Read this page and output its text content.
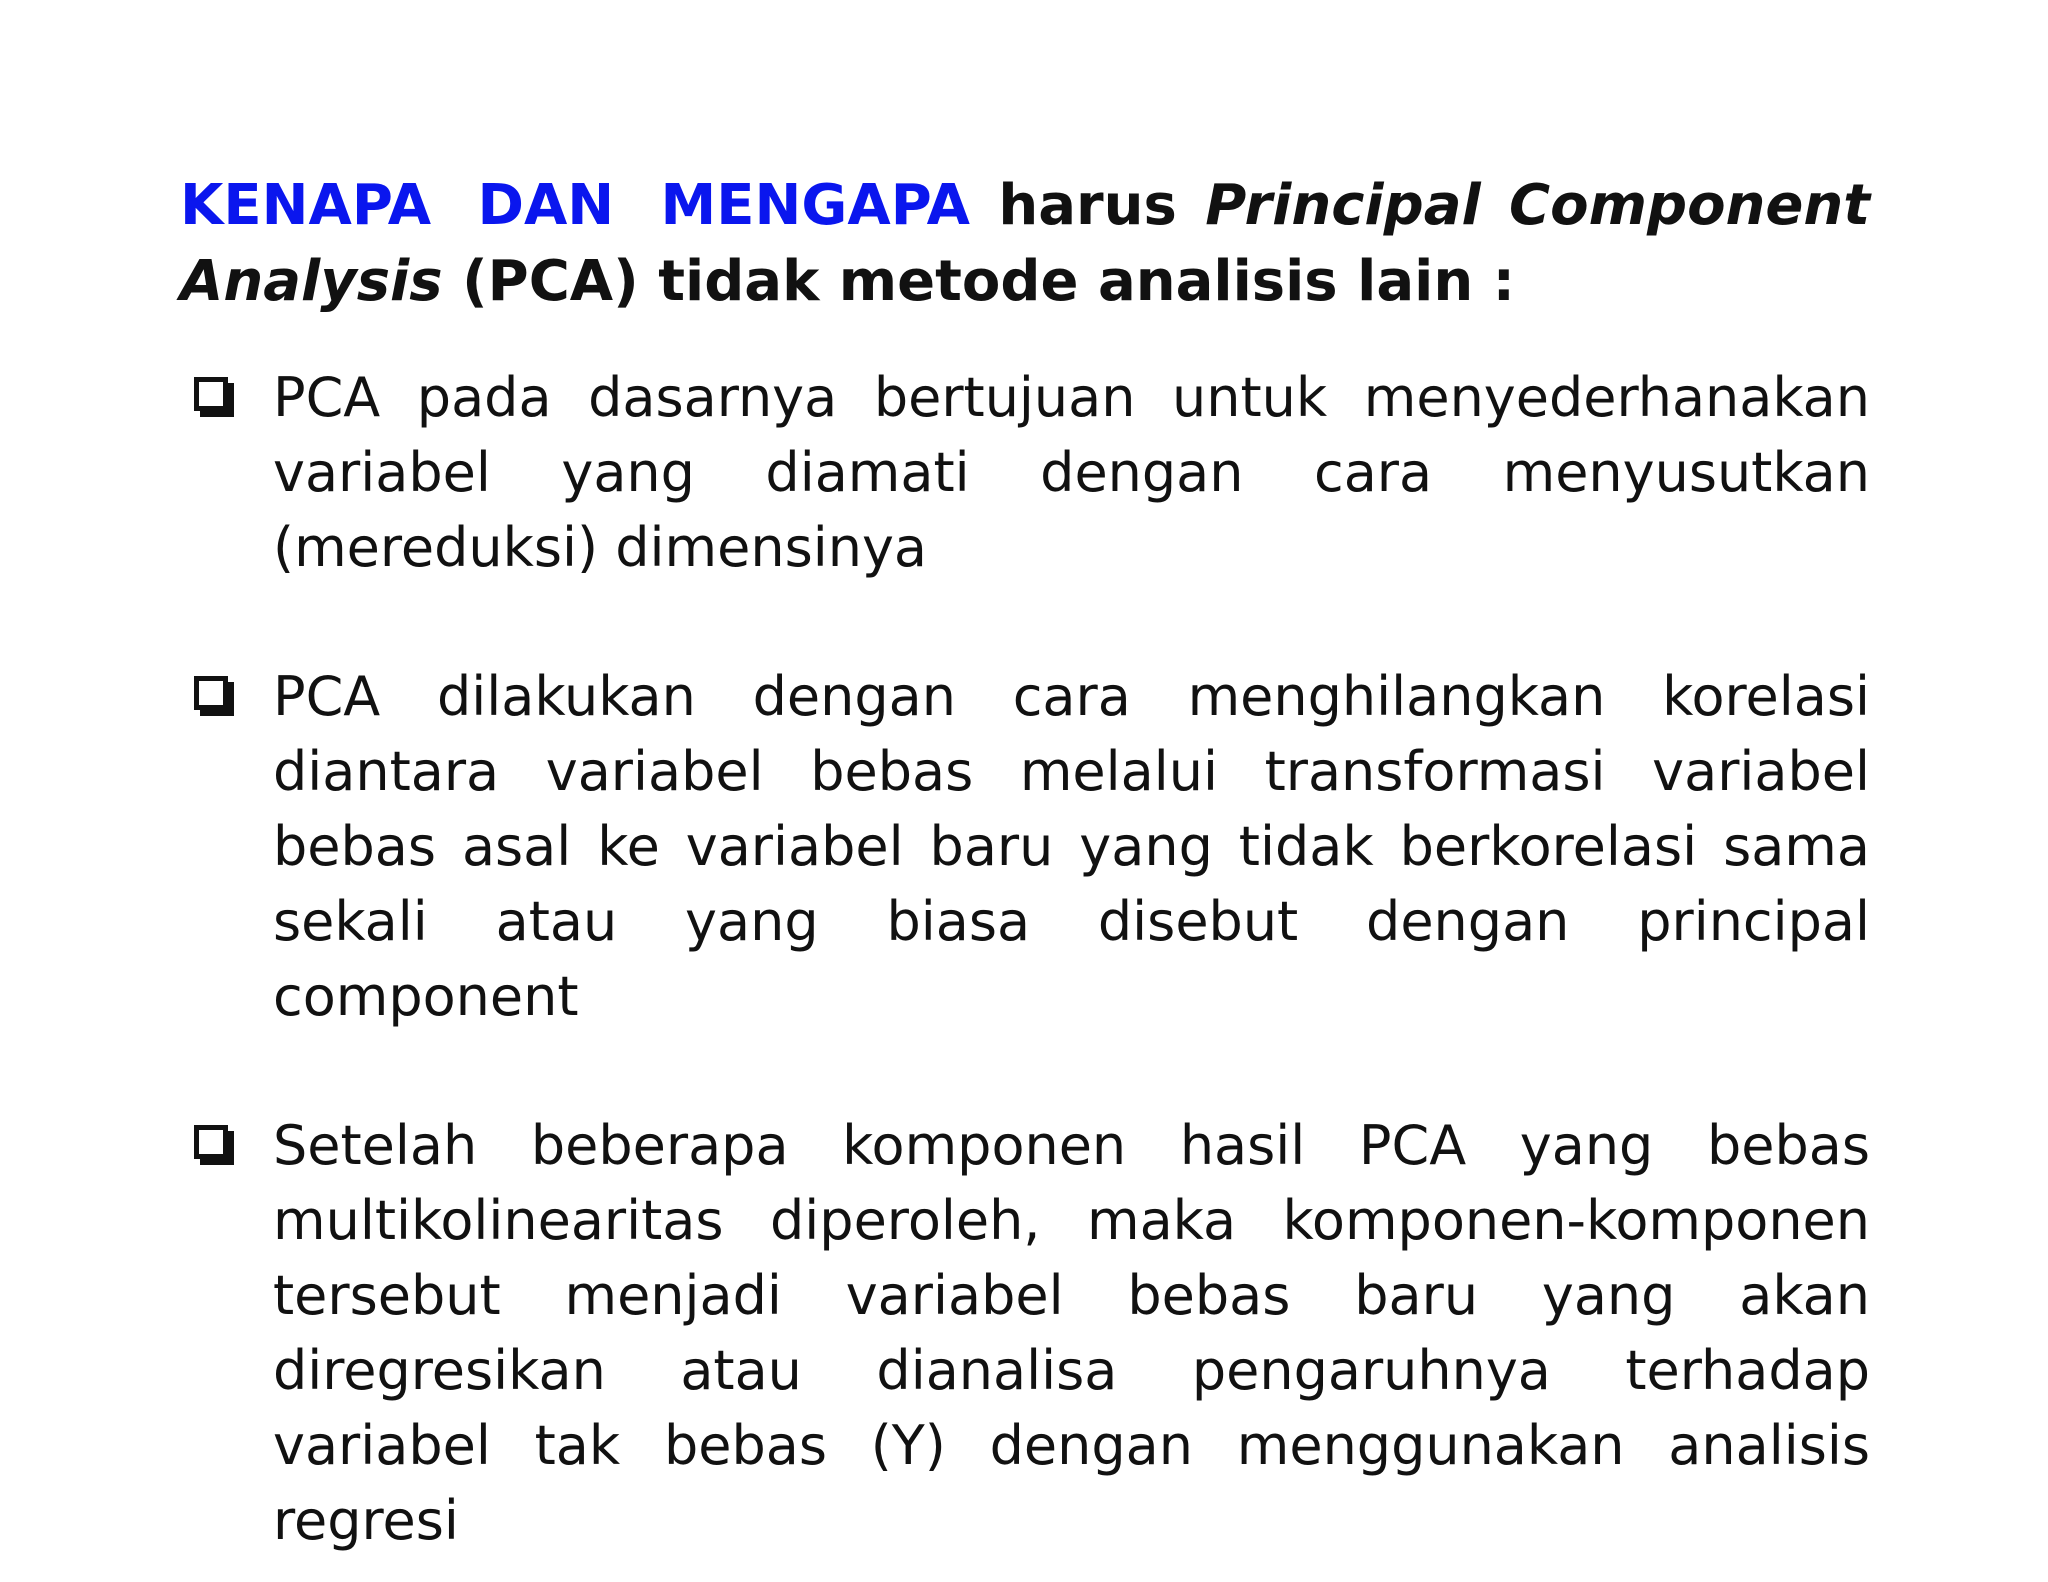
KENAPA DAN MENGAPA harus Principal Component Analysis (PCA) tidak metode analisis lain :

PCA pada dasarnya bertujuan untuk menyederhanakan variabel yang diamati dengan cara menyusutkan (mereduksi) dimensinya
PCA dilakukan dengan cara menghilangkan korelasi diantara variabel bebas melalui transformasi variabel bebas asal ke variabel baru yang tidak berkorelasi sama sekali atau yang biasa disebut dengan principal component
Setelah beberapa komponen hasil PCA yang bebas multikolinearitas diperoleh, maka komponen-komponen tersebut menjadi variabel bebas baru yang akan diregresikan atau dianalisa pengaruhnya terhadap variabel tak bebas (Y) dengan menggunakan analisis regresi
